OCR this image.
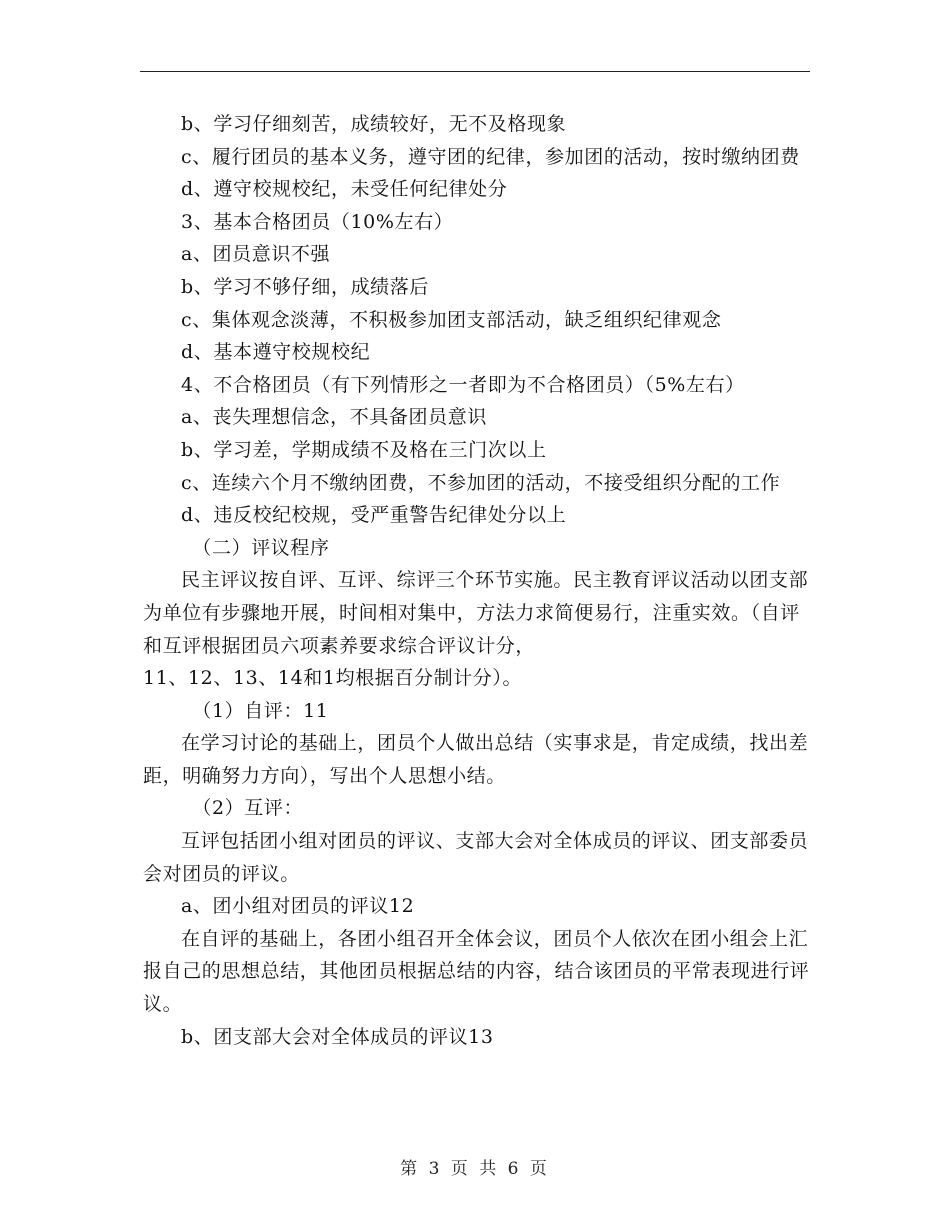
b、学习仔细刻苦，成绩较好，无不及格现象

c、履行团员的基本义务，遵守团的纪律，参加团的活动，按时缴纳团费

d、遵守校规校纪，未受任何纪律处分

3、基本合格团员（10%左右）

a、团员意识不强

b、学习不够仔细，成绩落后

c、集体观念淡薄，不积极参加团支部活动，缺乏组织纪律观念

d、基本遵守校规校纪

4、不合格团员（有下列情形之一者即为不合格团员）（5%左右）

a、丧失理想信念，不具备团员意识

b、学习差，学期成绩不及格在三门次以上

c、连续六个月不缴纳团费，不参加团的活动，不接受组织分配的工作

d、违反校纪校规，受严重警告纪律处分以上

（二）评议程序

民主评议按自评、互评、综评三个环节实施。民主教育评议活动以团支部为单位有步骤地开展，时间相对集中，方法力求简便易行，注重实效。（自评和互评根据团员六项素养要求综合评议计分，

11、12、13、14和1均根据百分制计分）。

（1）自评：11

在学习讨论的基础上，团员个人做出总结（实事求是，肯定成绩，找出差距，明确努力方向），写出个人思想小结。

（2）互评：

互评包括团小组对团员的评议、支部大会对全体成员的评议、团支部委员会对团员的评议。

a、团小组对团员的评议12

在自评的基础上，各团小组召开全体会议，团员个人依次在团小组会上汇报自己的思想总结，其他团员根据总结的内容，结合该团员的平常表现进行评议。

b、团支部大会对全体成员的评议13

第 3 页 共 6 页
